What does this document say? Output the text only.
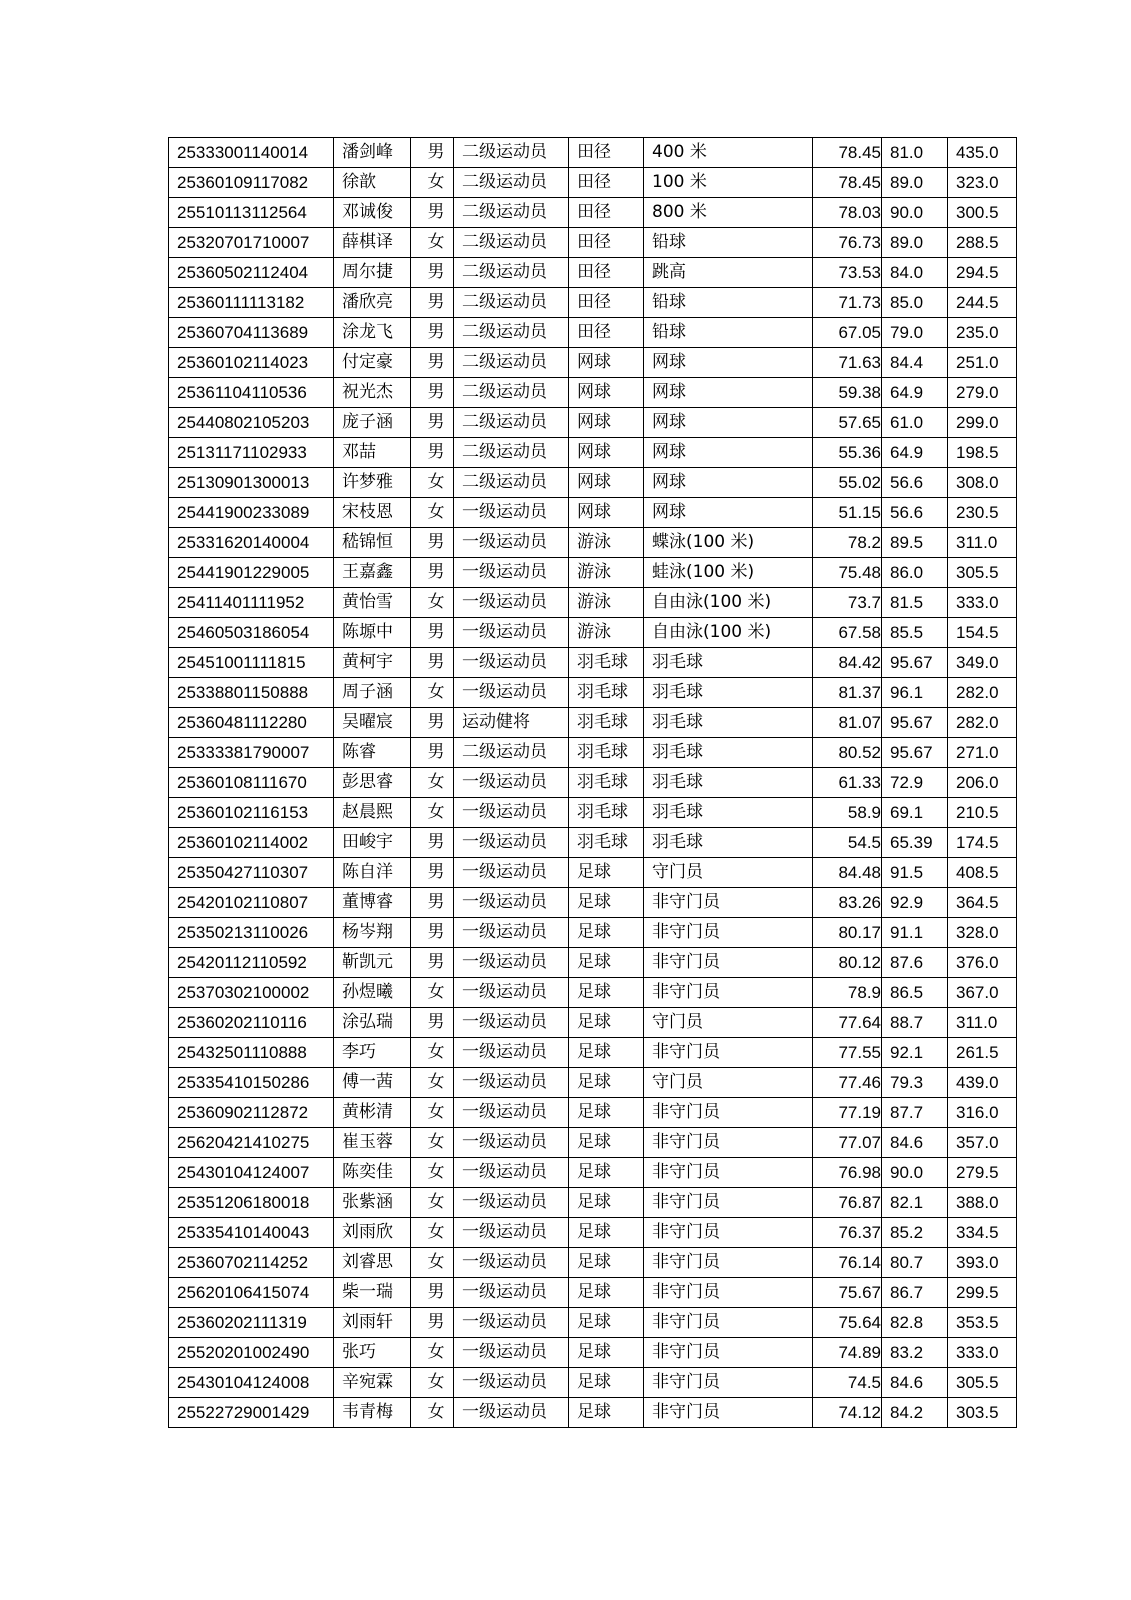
25333001140014	潘剑峰	男	二级运动员	田径	400 米	78.45	81.0	435.0
25360109117082	徐歆	女	二级运动员	田径	100 米	78.45	89.0	323.0
25510113112564	邓诚俊	男	二级运动员	田径	800 米	78.03	90.0	300.5
25320701710007	薛棋译	女	二级运动员	田径	铅球	76.73	89.0	288.5
25360502112404	周尔捷	男	二级运动员	田径	跳高	73.53	84.0	294.5
25360111113182	潘欣亮	男	二级运动员	田径	铅球	71.73	85.0	244.5
25360704113689	涂龙飞	男	二级运动员	田径	铅球	67.05	79.0	235.0
25360102114023	付定豪	男	二级运动员	网球	网球	71.63	84.4	251.0
25361104110536	祝光杰	男	二级运动员	网球	网球	59.38	64.9	279.0
25440802105203	庞子涵	男	二级运动员	网球	网球	57.65	61.0	299.0
25131171102933	邓喆	男	二级运动员	网球	网球	55.36	64.9	198.5
25130901300013	许梦雅	女	二级运动员	网球	网球	55.02	56.6	308.0
25441900233089	宋枝恩	女	一级运动员	网球	网球	51.15	56.6	230.5
25331620140004	嵇锦恒	男	一级运动员	游泳	蝶泳(100 米)	78.2	89.5	311.0
25441901229005	王嘉鑫	男	一级运动员	游泳	蛙泳(100 米)	75.48	86.0	305.5
25411401111952	黄怡雪	女	一级运动员	游泳	自由泳(100 米)	73.7	81.5	333.0
25460503186054	陈塬中	男	一级运动员	游泳	自由泳(100 米)	67.58	85.5	154.5
25451001111815	黄柯宇	男	一级运动员	羽毛球	羽毛球	84.42	95.67	349.0
25338801150888	周子涵	女	一级运动员	羽毛球	羽毛球	81.37	96.1	282.0
25360481112280	吴曜宸	男	运动健将	羽毛球	羽毛球	81.07	95.67	282.0
25333381790007	陈睿	男	二级运动员	羽毛球	羽毛球	80.52	95.67	271.0
25360108111670	彭思睿	女	一级运动员	羽毛球	羽毛球	61.33	72.9	206.0
25360102116153	赵晨熙	女	一级运动员	羽毛球	羽毛球	58.9	69.1	210.5
25360102114002	田峻宇	男	一级运动员	羽毛球	羽毛球	54.5	65.39	174.5
25350427110307	陈自洋	男	一级运动员	足球	守门员	84.48	91.5	408.5
25420102110807	董博睿	男	一级运动员	足球	非守门员	83.26	92.9	364.5
25350213110026	杨岑翔	男	一级运动员	足球	非守门员	80.17	91.1	328.0
25420112110592	靳凯元	男	一级运动员	足球	非守门员	80.12	87.6	376.0
25370302100002	孙煜曦	女	一级运动员	足球	非守门员	78.9	86.5	367.0
25360202110116	涂弘瑞	男	一级运动员	足球	守门员	77.64	88.7	311.0
25432501110888	李巧	女	一级运动员	足球	非守门员	77.55	92.1	261.5
25335410150286	傅一茜	女	一级运动员	足球	守门员	77.46	79.3	439.0
25360902112872	黄彬清	女	一级运动员	足球	非守门员	77.19	87.7	316.0
25620421410275	崔玉蓉	女	一级运动员	足球	非守门员	77.07	84.6	357.0
25430104124007	陈奕佳	女	一级运动员	足球	非守门员	76.98	90.0	279.5
25351206180018	张紫涵	女	一级运动员	足球	非守门员	76.87	82.1	388.0
25335410140043	刘雨欣	女	一级运动员	足球	非守门员	76.37	85.2	334.5
25360702114252	刘睿思	女	一级运动员	足球	非守门员	76.14	80.7	393.0
25620106415074	柴一瑞	男	一级运动员	足球	非守门员	75.67	86.7	299.5
25360202111319	刘雨轩	男	一级运动员	足球	非守门员	75.64	82.8	353.5
25520201002490	张巧	女	一级运动员	足球	非守门员	74.89	83.2	333.0
25430104124008	辛宛霖	女	一级运动员	足球	非守门员	74.5	84.6	305.5
25522729001429	韦青梅	女	一级运动员	足球	非守门员	74.12	84.2	303.5
